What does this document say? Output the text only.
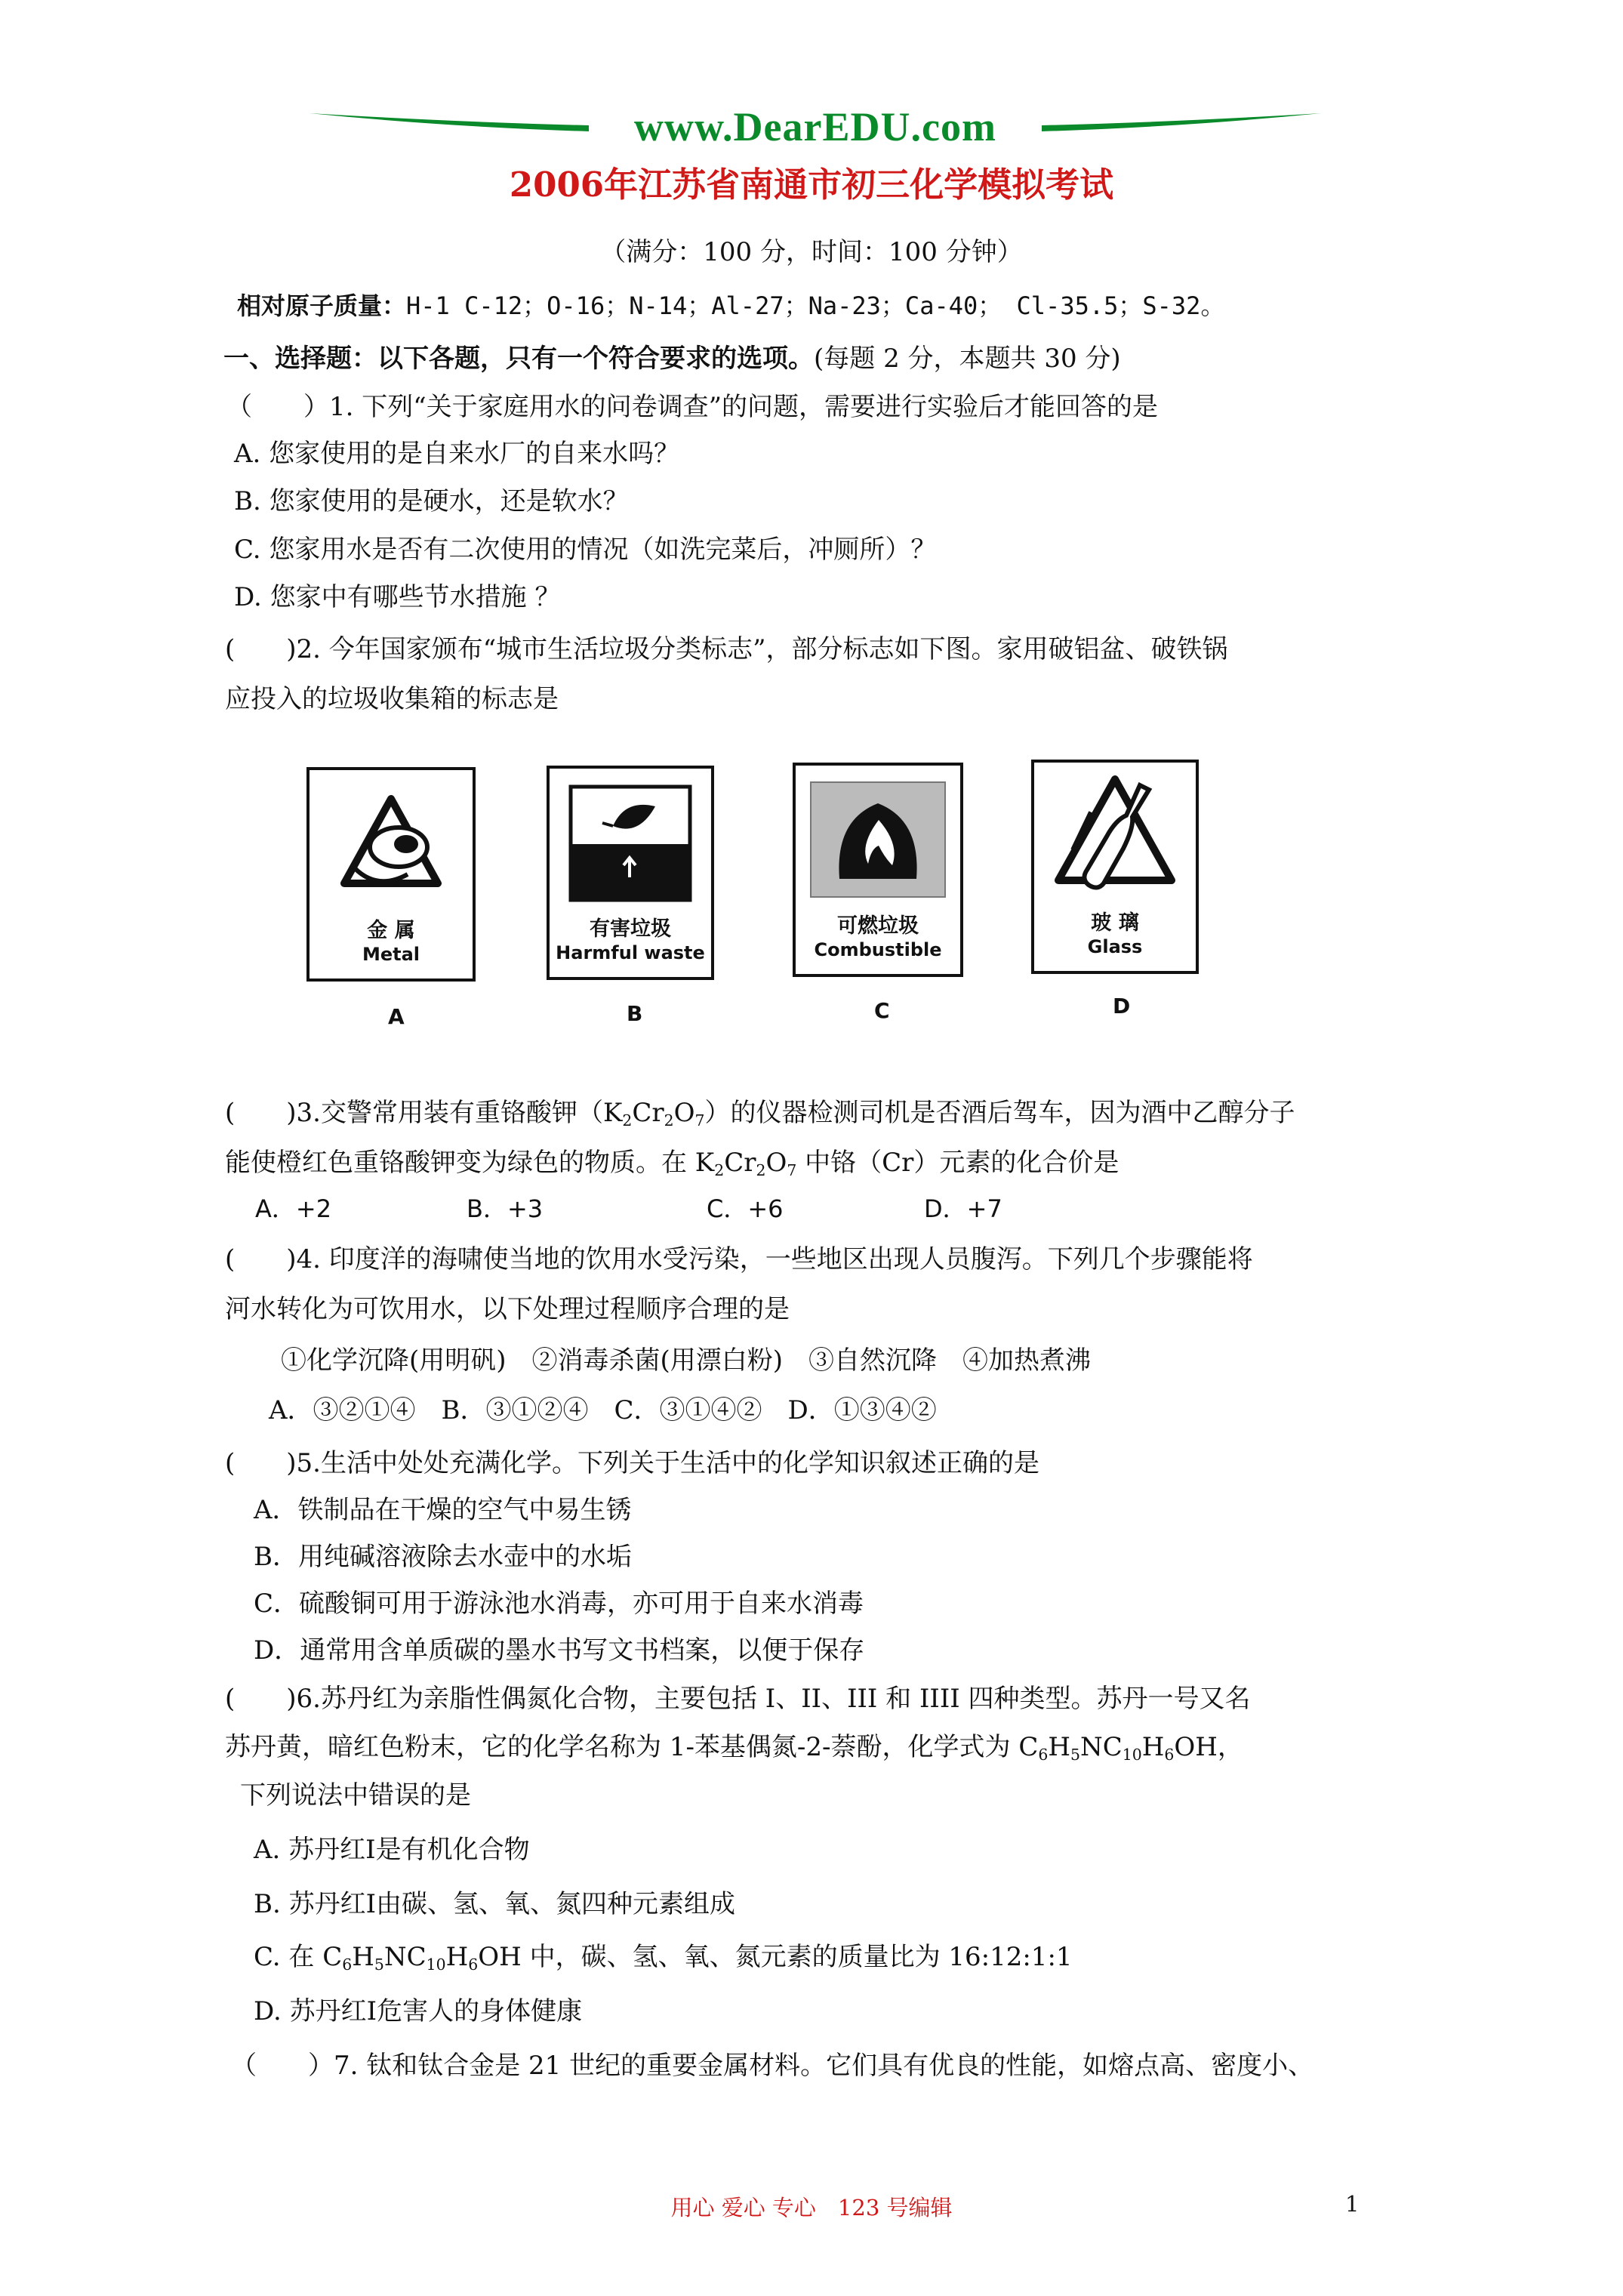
www.DearEDU.com
2006年江苏省南通市初三化学模拟考试
（满分：100 分，时间：100 分钟）
相对原子质量：H-1 C-12；O-16；N-14；Al-27；Na-23；Ca-40； Cl-35.5；S-32。
一、选择题：以下各题，只有一个符合要求的选项。(每题 2 分，本题共 30 分)
（　　）1. 下列“关于家庭用水的问卷调查”的问题，需要进行实验后才能回答的是
A. 您家使用的是自来水厂的自来水吗？
B. 您家使用的是硬水，还是软水？
C. 您家用水是否有二次使用的情况（如洗完菜后，冲厕所）？
D. 您家中有哪些节水措施 ？
(　　)2. 今年国家颁布“城市生活垃圾分类标志”，部分标志如下图。家用破铝盆、破铁锅
应投入的垃圾收集箱的标志是
金 属
Metal
A
有害垃圾
Harmful waste
B
可燃垃圾
Combustible
C
玻 璃
Glass
D
(　　)3.交警常用装有重铬酸钾$(K_2Cr_2O_7)$的仪器检测司机是否酒后驾车，因为酒中乙醇分子
能使橙红色重铬酸钾变为绿色的物质。在 $K_2Cr_2O_7$ 中铬（Cr）元素的化合价是
A．+2	B．+3	C．+6	D．+7
(　　)4. 印度洋的海啸使当地的饮用水受污染，一些地区出现人员腹泻。下列几个步骤能将
河水转化为可饮用水，以下处理过程顺序合理的是
①化学沉降(用明矾)　②消毒杀菌(用漂白粉)　③自然沉降　④加热煮沸
A．③②①④　B．③①②④　C．③①④②　D．①③④②
(　　)5.生活中处处充满化学。下列关于生活中的化学知识叙述正确的是
A．铁制品在干燥的空气中易生锈
B．用纯碱溶液除去水壶中的水垢
C．硫酸铜可用于游泳池水消毒，亦可用于自来水消毒
D．通常用含单质碳的墨水书写文书档案，以便于保存
(　　)6.苏丹红为亲脂性偶氮化合物，主要包括 I、II、III 和 IIII 四种类型。苏丹一号又名
苏丹黄，暗红色粉末，它的化学名称为 1-苯基偶氮-2-萘酚，化学式为 $C_6H_5NC_{10}H_6OH$，
下列说法中错误的是
A. 苏丹红Ⅰ是有机化合物
B. 苏丹红Ⅰ由碳、氢、氧、氮四种元素组成
C. 在 $C_6H_5NC_{10}H_6OH$ 中，碳、氢、氧、氮元素的质量比为 16:12:1:1
D. 苏丹红Ⅰ危害人的身体健康
（　　）7. 钛和钛合金是 21 世纪的重要金属材料。它们具有优良的性能，如熔点高、密度小、
用心 爱心 专心　123 号编辑	1
